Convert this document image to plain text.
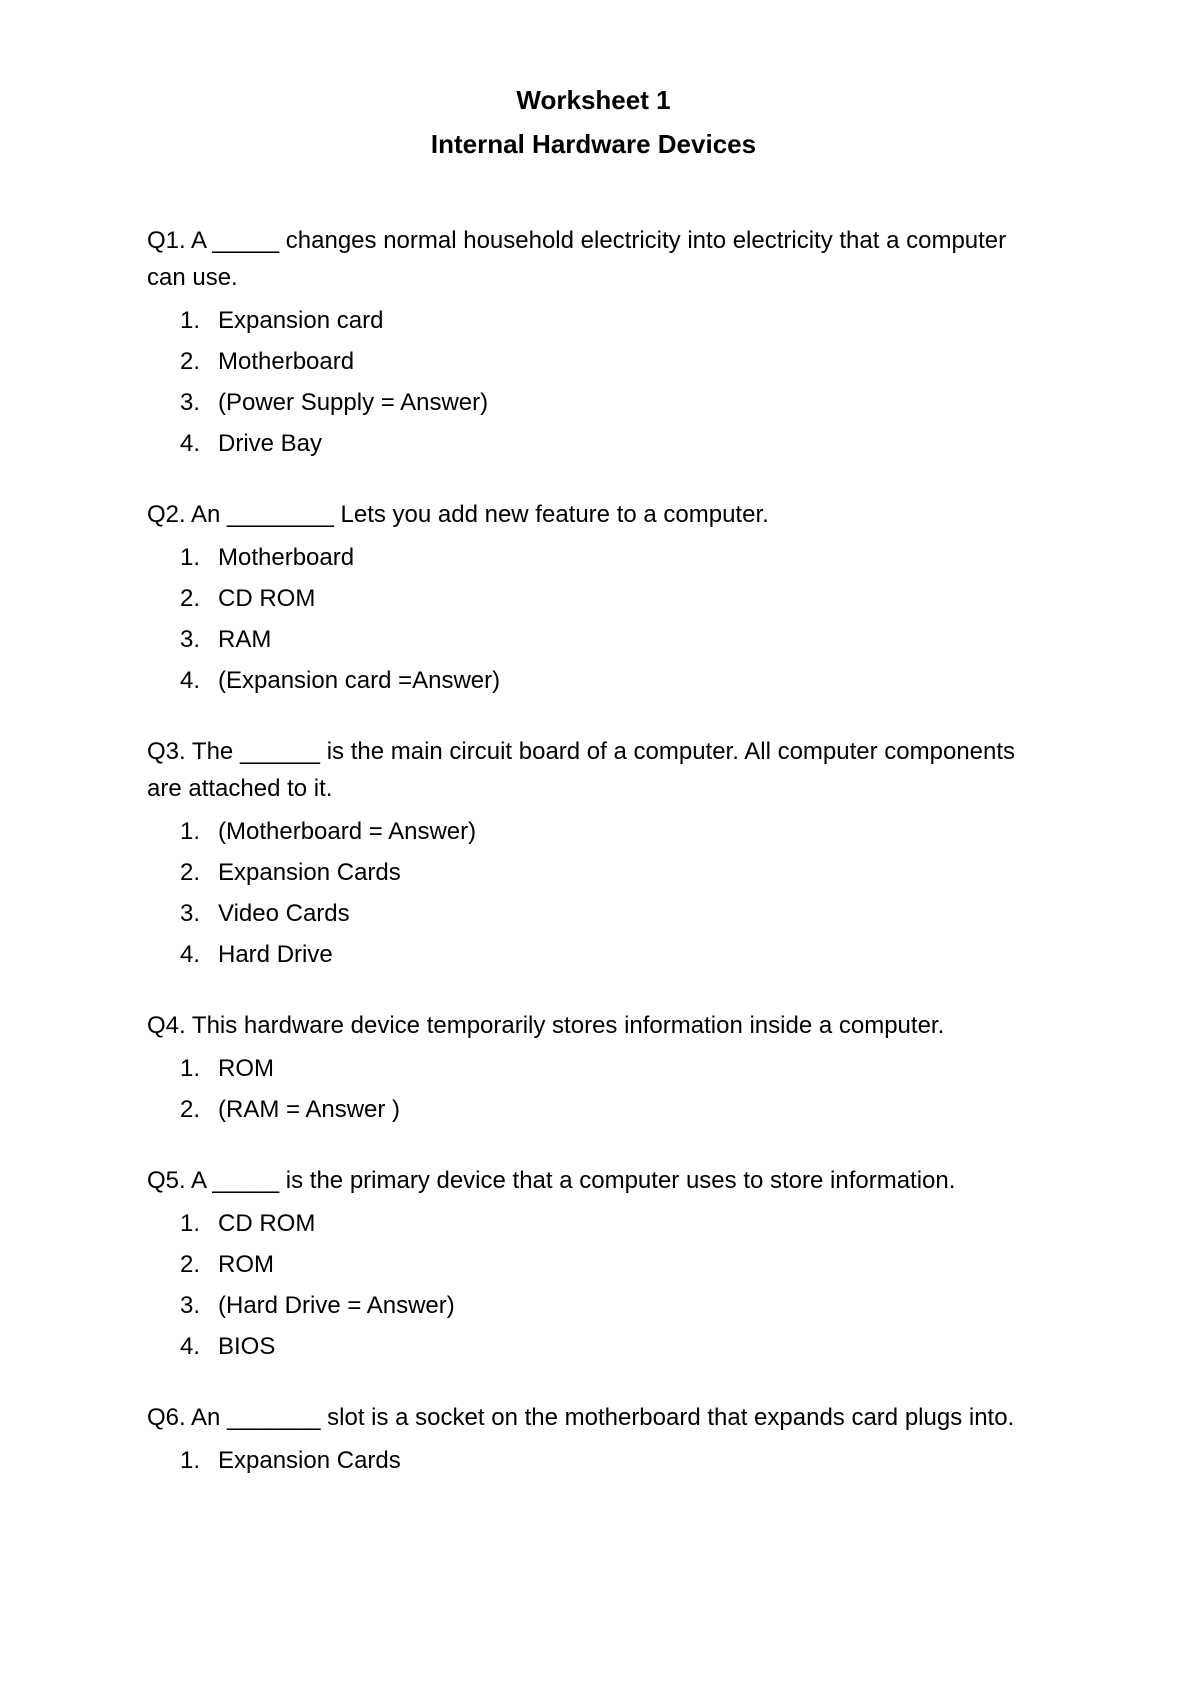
Worksheet 1
Internal Hardware Devices

Q1. A _____ changes normal household electricity into electricity that a computer can use.

1. Expansion card
2. Motherboard
3. (Power Supply = Answer)
4. Drive Bay

Q2. An ________ Lets you add new feature to a computer.

1. Motherboard
2. CD ROM
3. RAM
4. (Expansion card =Answer)

Q3. The ______ is the main circuit board of a computer. All computer components are attached to it.

1. (Motherboard = Answer)
2. Expansion Cards
3. Video Cards
4. Hard Drive

Q4. This hardware device temporarily stores information inside a computer.

1. ROM
2. (RAM = Answer )

Q5. A _____ is the primary device that a computer uses to store information.

1. CD ROM
2. ROM
3. (Hard Drive = Answer)
4. BIOS

Q6. An _______ slot is a socket on the motherboard that expands card plugs into.

1. Expansion Cards
